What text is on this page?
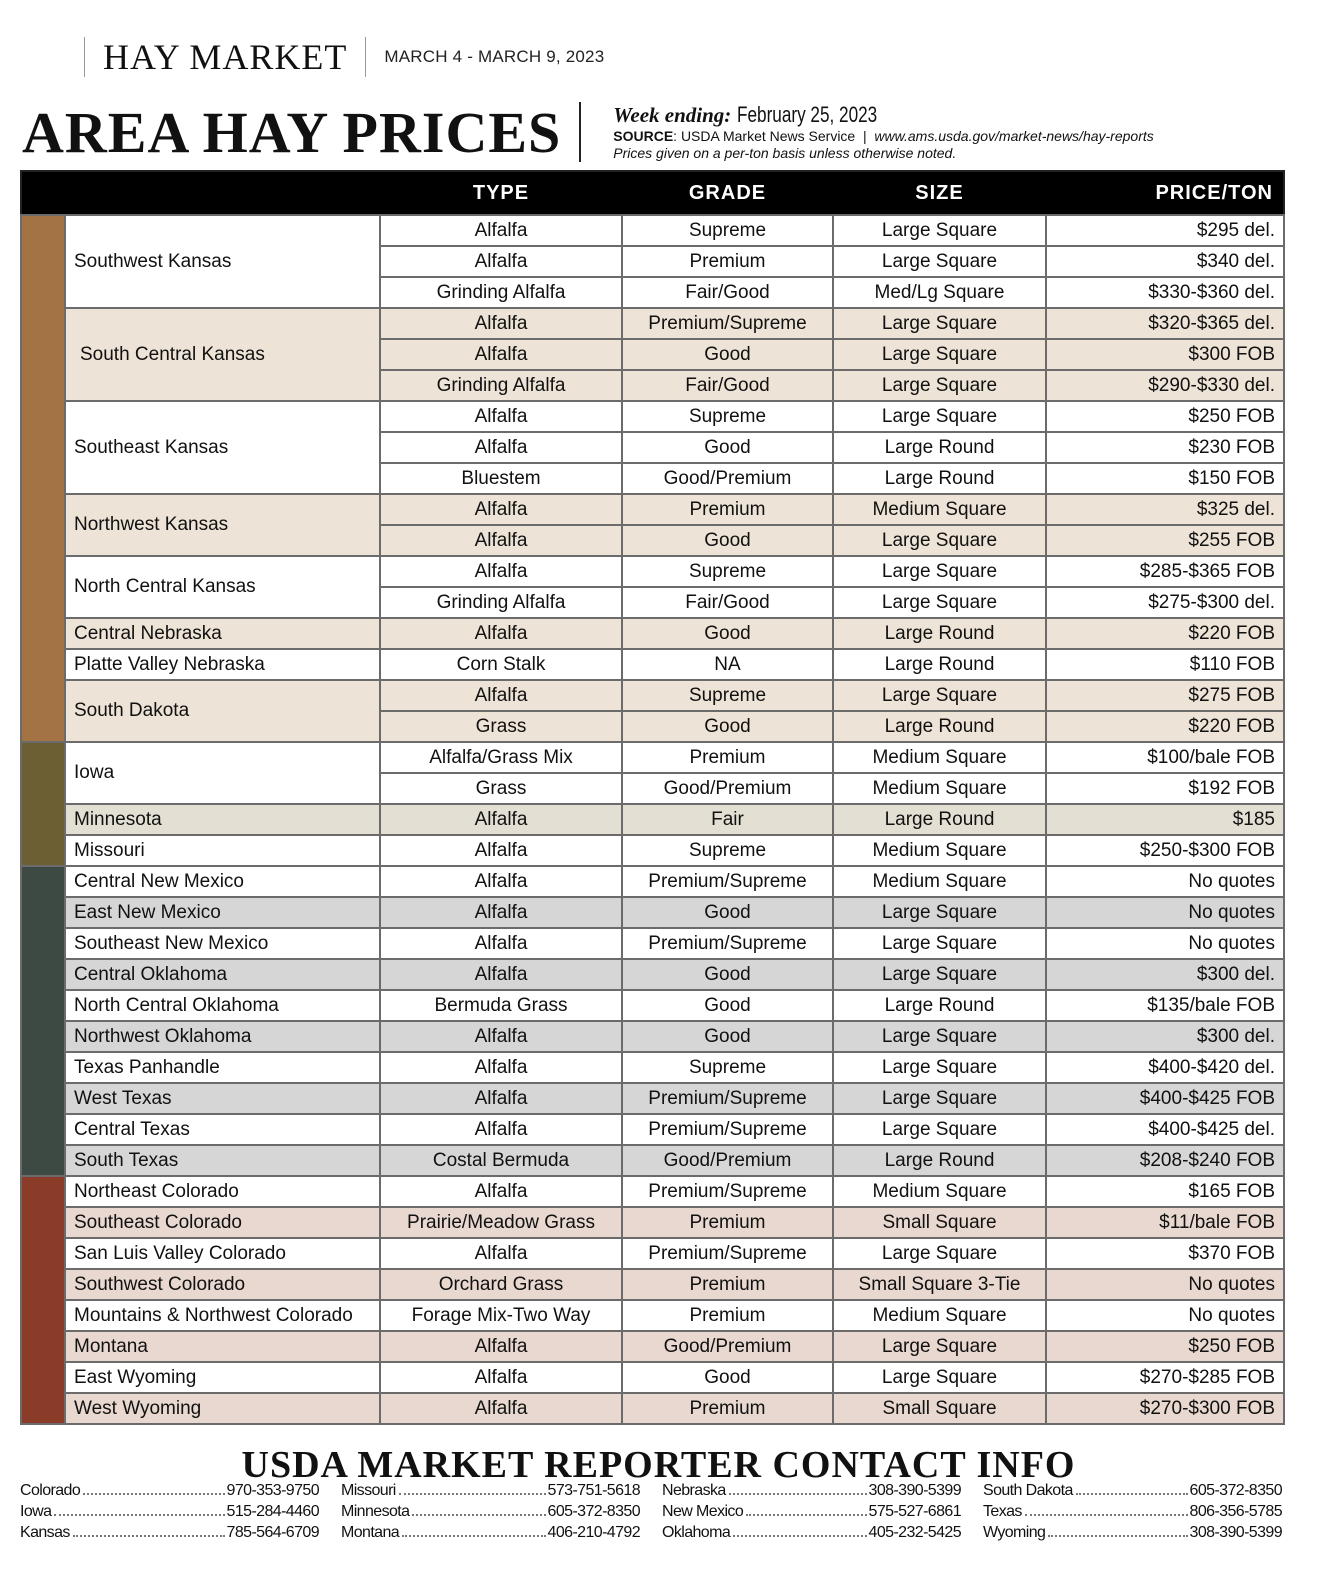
HAY MARKET	MARCH 4 - MARCH 9, 2023
AREA HAY PRICES Week ending: February 25, 2023
SOURCE: USDA Market News Service  |  www.ams.usda.gov/market-news/hay-reports
Prices given on a per-ton basis unless otherwise noted.
		TYPE	GRADE	SIZE	PRICE/TON
	Southwest Kansas	Alfalfa	Supreme	Large Square	$295 del.
		Alfalfa	Premium	Large Square	$340 del.
		Grinding Alfalfa	Fair/Good	Med/Lg Square	$330-$360 del.
	South Central Kansas	Alfalfa	Premium/Supreme	Large Square	$320-$365 del.
		Alfalfa	Good	Large Square	$300 FOB
		Grinding Alfalfa	Fair/Good	Large Square	$290-$330 del.
	Southeast Kansas	Alfalfa	Supreme	Large Square	$250 FOB
		Alfalfa	Good	Large Round	$230 FOB
		Bluestem	Good/Premium	Large Round	$150 FOB
	Northwest Kansas	Alfalfa	Premium	Medium Square	$325 del.
		Alfalfa	Good	Large Square	$255 FOB
	North Central Kansas	Alfalfa	Supreme	Large Square	$285-$365 FOB
		Grinding Alfalfa	Fair/Good	Large Square	$275-$300 del.
	Central Nebraska	Alfalfa	Good	Large Round	$220 FOB
	Platte Valley Nebraska	Corn Stalk	NA	Large Round	$110 FOB
	South Dakota	Alfalfa	Supreme	Large Square	$275 FOB
		Grass	Good	Large Round	$220 FOB
	Iowa	Alfalfa/Grass Mix	Premium	Medium Square	$100/bale FOB
		Grass	Good/Premium	Medium Square	$192 FOB
	Minnesota	Alfalfa	Fair	Large Round	$185
	Missouri	Alfalfa	Supreme	Medium Square	$250-$300 FOB
	Central New Mexico	Alfalfa	Premium/Supreme	Medium Square	No quotes
	East New Mexico	Alfalfa	Good	Large Square	No quotes
	Southeast New Mexico	Alfalfa	Premium/Supreme	Large Square	No quotes
	Central Oklahoma	Alfalfa	Good	Large Square	$300 del.
	North Central Oklahoma	Bermuda Grass	Good	Large Round	$135/bale FOB
	Northwest Oklahoma	Alfalfa	Good	Large Square	$300 del.
	Texas Panhandle	Alfalfa	Supreme	Large Square	$400-$420 del.
	West Texas	Alfalfa	Premium/Supreme	Large Square	$400-$425 FOB
	Central Texas	Alfalfa	Premium/Supreme	Large Square	$400-$425 del.
	South Texas	Costal Bermuda	Good/Premium	Large Round	$208-$240 FOB
	Northeast Colorado	Alfalfa	Premium/Supreme	Medium Square	$165 FOB
	Southeast Colorado	Prairie/Meadow Grass	Premium	Small Square	$11/bale FOB
	San Luis Valley Colorado	Alfalfa	Premium/Supreme	Large Square	$370 FOB
	Southwest Colorado	Orchard Grass	Premium	Small Square 3-Tie	No quotes
	Mountains & Northwest Colorado	Forage Mix-Two Way	Premium	Medium Square	No quotes
	Montana	Alfalfa	Good/Premium	Large Square	$250 FOB
	East Wyoming	Alfalfa	Good	Large Square	$270-$285 FOB
	West Wyoming	Alfalfa	Premium	Small Square	$270-$300 FOB
USDA MARKET REPORTER CONTACT INFO
Colorado	970-353-9750
Iowa	515-284-4460
Kansas	785-564-6709
Missouri	573-751-5618
Minnesota	605-372-8350
Montana	406-210-4792
Nebraska	308-390-5399
New Mexico	575-527-6861
Oklahoma	405-232-5425
South Dakota	605-372-8350
Texas	806-356-5785
Wyoming	308-390-5399
